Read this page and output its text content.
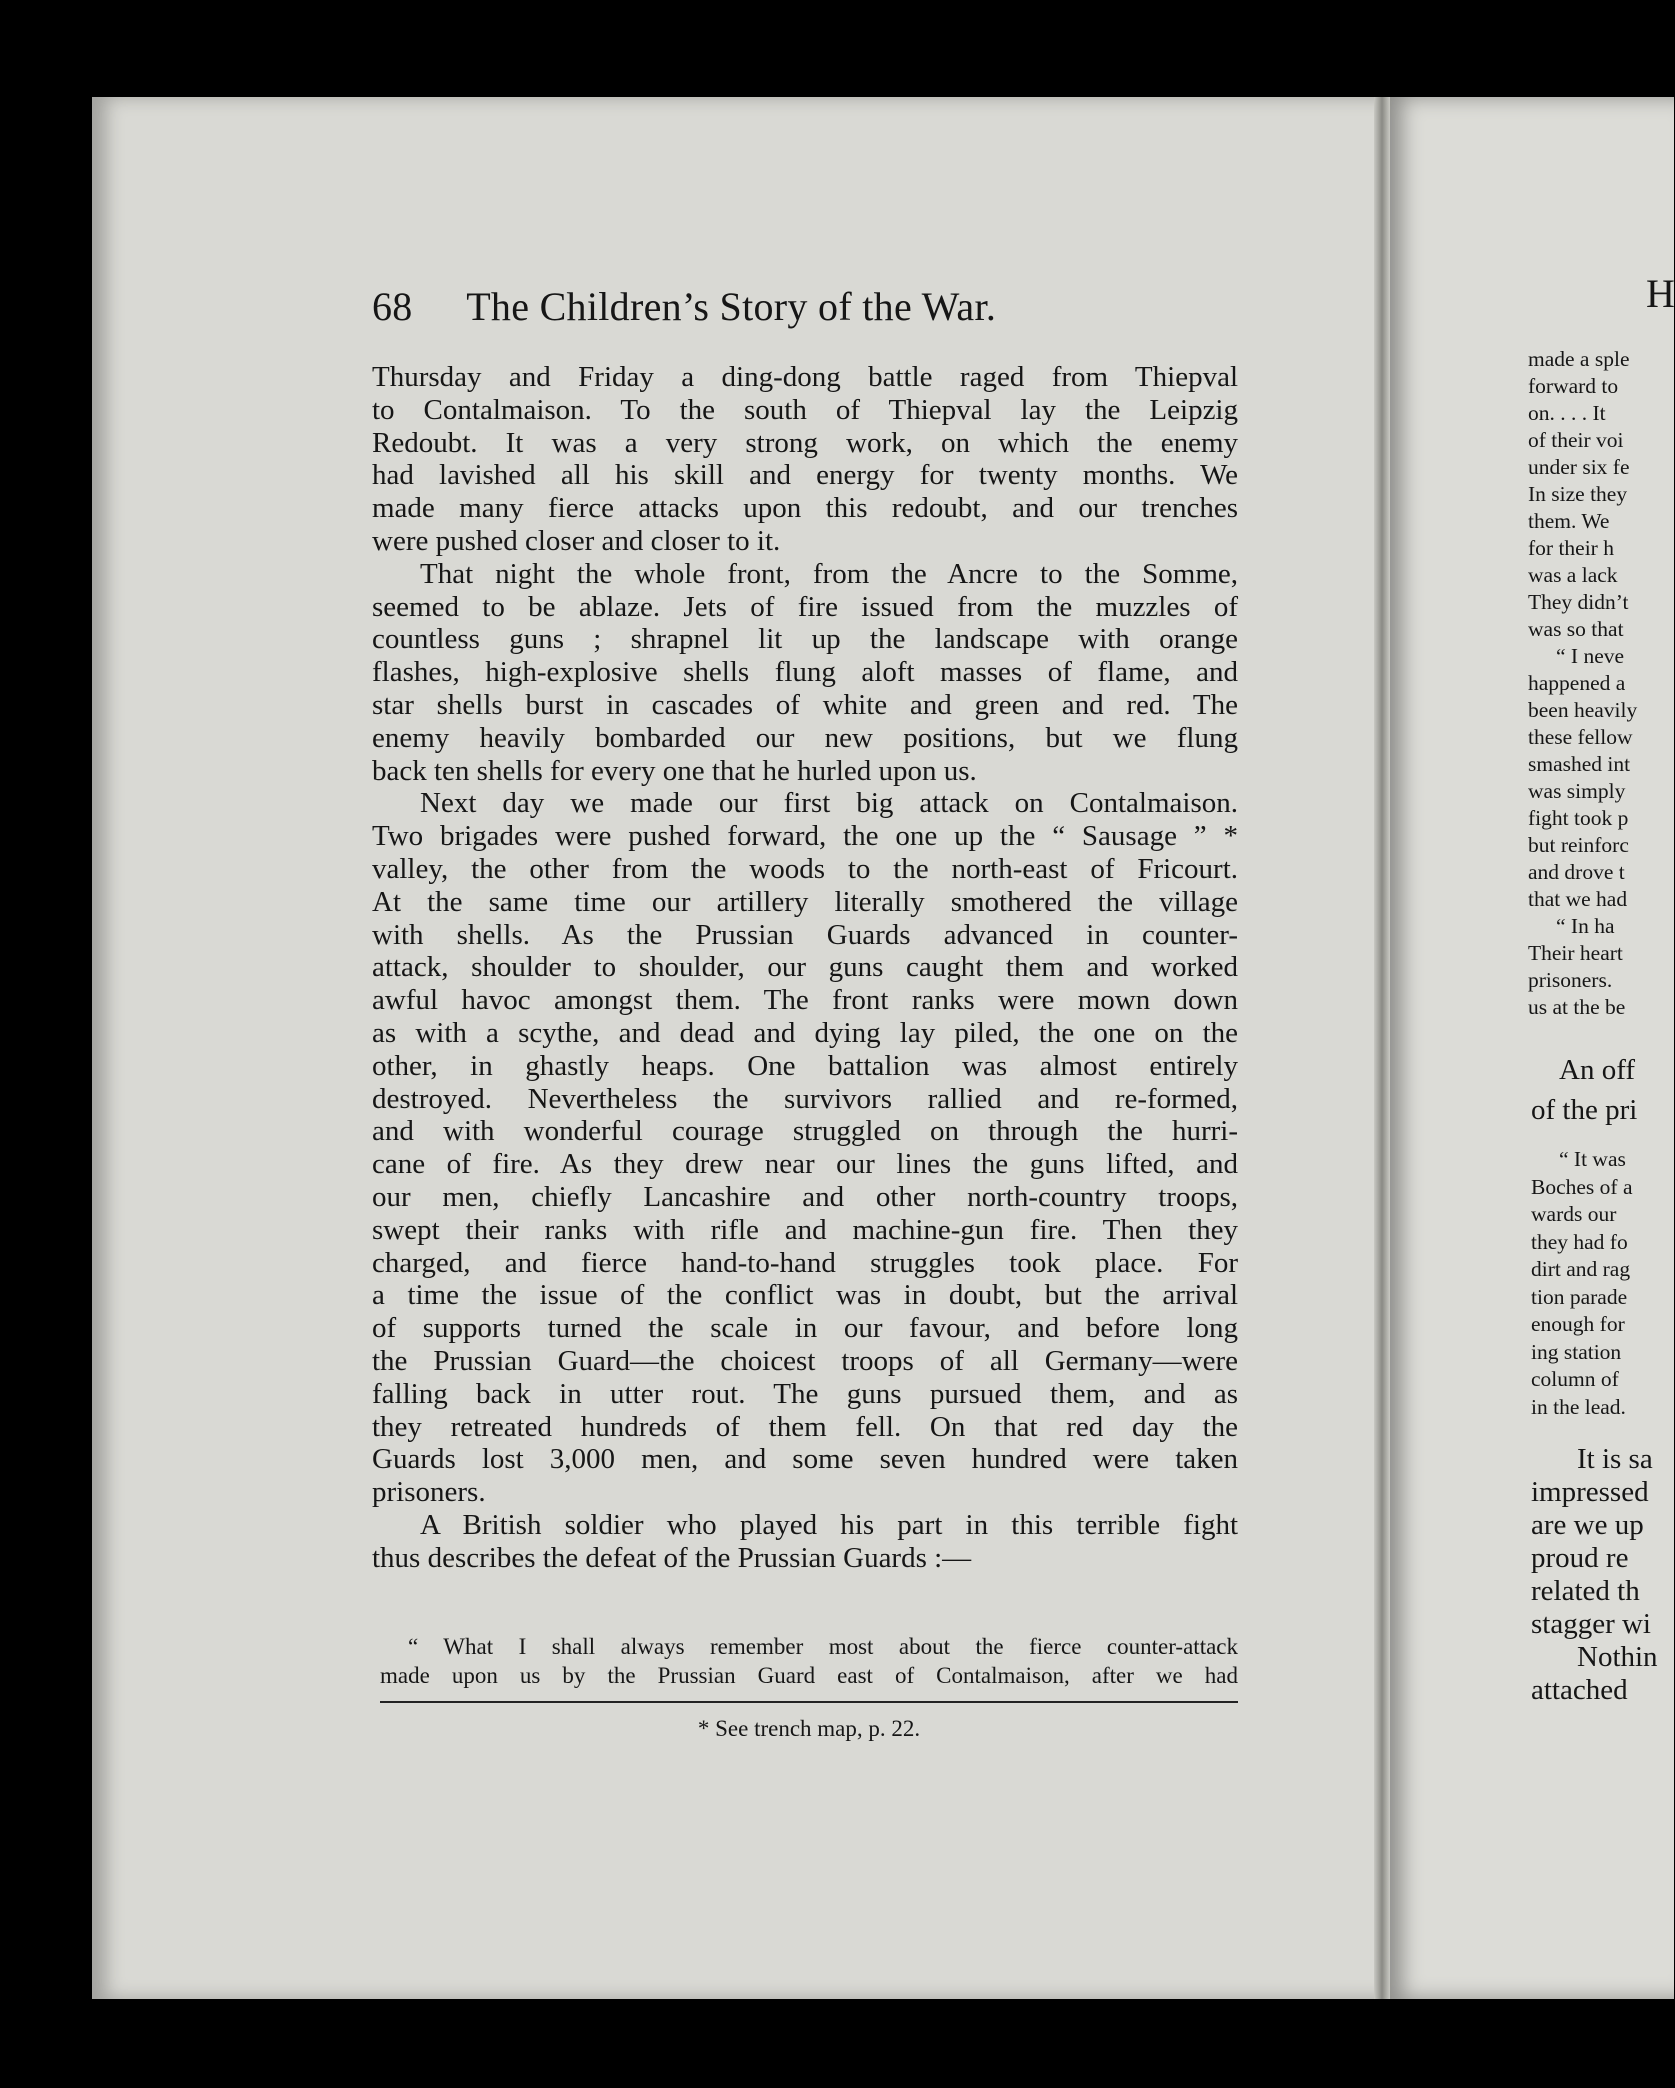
68 The Children’s Story of the War.

Thursday and Friday a ding-dong battle raged from Thiepval

to Contalmaison. To the south of Thiepval lay the Leipzig

Redoubt. It was a very strong work, on which the enemy

had lavished all his skill and energy for twenty months. We

made many fierce attacks upon this redoubt, and our trenches

were pushed closer and closer to it.

That night the whole front, from the Ancre to the Somme,

seemed to be ablaze. Jets of fire issued from the muzzles of

countless guns ; shrapnel lit up the landscape with orange

flashes, high-explosive shells flung aloft masses of flame, and

star shells burst in cascades of white and green and red. The

enemy heavily bombarded our new positions, but we flung

back ten shells for every one that he hurled upon us.

Next day we made our first big attack on Contalmaison.

Two brigades were pushed forward, the one up the “ Sausage ” *

valley, the other from the woods to the north-east of Fricourt.

At the same time our artillery literally smothered the village

with shells. As the Prussian Guards advanced in counter-

attack, shoulder to shoulder, our guns caught them and worked

awful havoc amongst them. The front ranks were mown down

as with a scythe, and dead and dying lay piled, the one on the

other, in ghastly heaps. One battalion was almost entirely

destroyed. Nevertheless the survivors rallied and re-formed,

and with wonderful courage struggled on through the hurri-

cane of fire. As they drew near our lines the guns lifted, and

our men, chiefly Lancashire and other north-country troops,

swept their ranks with rifle and machine-gun fire. Then they

charged, and fierce hand-to-hand struggles took place. For

a time the issue of the conflict was in doubt, but the arrival

of supports turned the scale in our favour, and before long

the Prussian Guard—the choicest troops of all Germany—were

falling back in utter rout. The guns pursued them, and as

they retreated hundreds of them fell. On that red day the

Guards lost 3,000 men, and some seven hundred were taken

prisoners.

A British soldier who played his part in this terrible fight

thus describes the defeat of the Prussian Guards :—

“ What I shall always remember most about the fierce counter-attack

made upon us by the Prussian Guard east of Contalmaison, after we had

* See trench map, p. 22.
H
made a sple
forward to
on. . . . It
of their voi
under six fe
In size they
them. We
for their h
was a lack
They didn’t
was so that
“ I neve
happened a
been heavily
these fellow
smashed int
was simply
fight took p
but reinforc
and drove t
that we had
“ In ha
Their heart
prisoners.
us at the be
An off
of the pri
“ It was
Boches of a
wards our
they had fo
dirt and rag
tion parade
enough for
ing station
column of
in the lead.
It is sa
impressed
are we up
proud re
related th
stagger wi
Nothin
attached
